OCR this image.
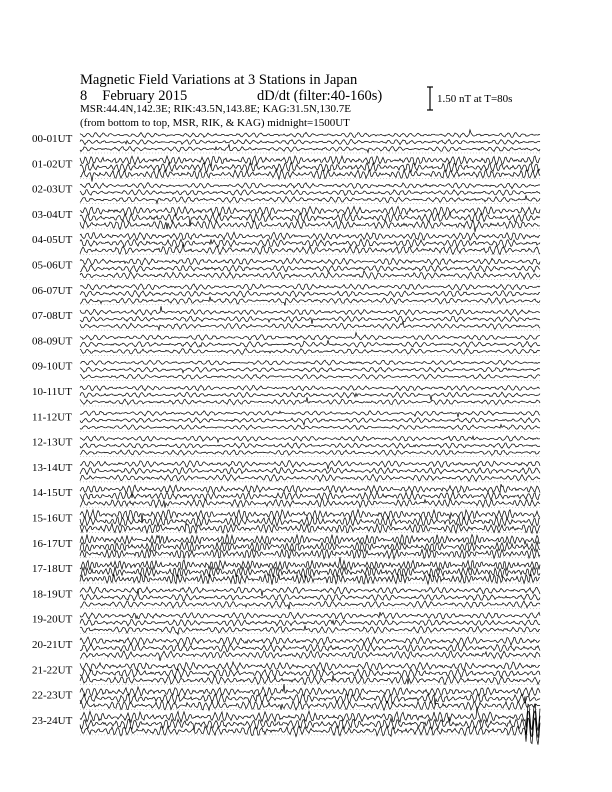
Magnetic Field Variations at 3 Stations in Japan
8 February 2015	dD/dt (filter:40-160s)
MSR:44.4N,142.3E; RIK:43.5N,143.8E; KAG:31.5N,130.7E
(from bottom to top, MSR, RIK, & KAG) midnight=1500UT
1.50 nT at T=80s
00-01UT
01-02UT
02-03UT
03-04UT
04-05UT
05-06UT
06-07UT
07-08UT
08-09UT
09-10UT
10-11UT
11-12UT
12-13UT
13-14UT
14-15UT
15-16UT
16-17UT
17-18UT
18-19UT
19-20UT
20-21UT
21-22UT
22-23UT
23-24UT
